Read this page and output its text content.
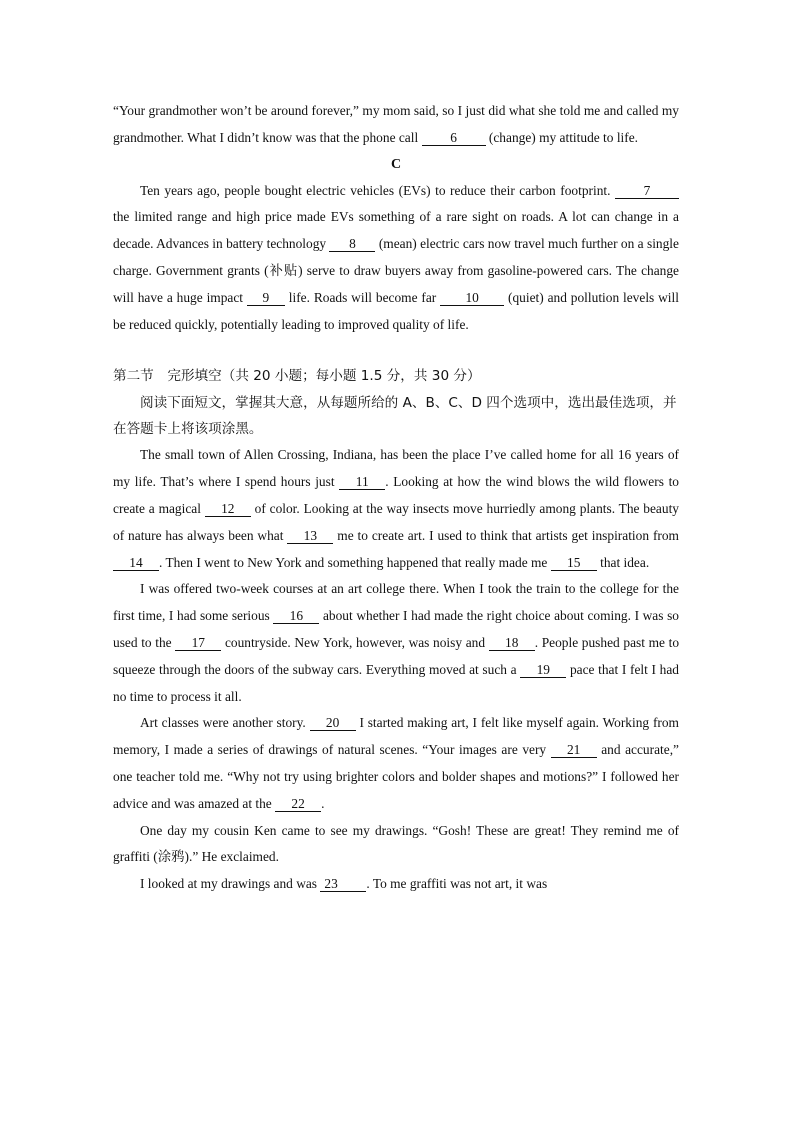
“Your grandmother won’t be around forever,” my mom said, so I just did what she told me and called my grandmother. What I didn’t know was that the phone call 6 (change) my attitude to life.

C

Ten years ago, people bought electric vehicles (EVs) to reduce their carbon footprint. 7 the limited range and high price made EVs something of a rare sight on roads. A lot can change in a decade. Advances in battery technology 8 (mean) electric cars now travel much further on a single charge. Government grants (补贴) serve to draw buyers away from gasoline-powered cars. The change will have a huge impact 9 life. Roads will become far 10 (quiet) and pollution levels will be reduced quickly, potentially leading to improved quality of life.

第二节　完形填空（共 20 小题；每小题 1.5 分，共 30 分）

阅读下面短文，掌握其大意，从每题所给的 A、B、C、D 四个选项中，选出最佳选项，并在答题卡上将该项涂黑。

The small town of Allen Crossing, Indiana, has been the place I’ve called home for all 16 years of my life. That’s where I spend hours just 11 . Looking at how the wind blows the wild flowers to create a magical 12 of color. Looking at the way insects move hurriedly among plants. The beauty of nature has always been what 13 me to create art. I used to think that artists get inspiration from 14 . Then I went to New York and something happened that really made me 15 that idea.

I was offered two-week courses at an art college there. When I took the train to the college for the first time, I had some serious 16 about whether I had made the right choice about coming. I was so used to the 17 countryside. New York, however, was noisy and 18 . People pushed past me to squeeze through the doors of the subway cars. Everything moved at such a 19 pace that I felt I had no time to process it all.

Art classes were another story. 20 I started making art, I felt like myself again. Working from memory, I made a series of drawings of natural scenes. “Your images are very 21 and accurate,” one teacher told me. “Why not try using brighter colors and bolder shapes and motions?” I followed her advice and was amazed at the 22 .

One day my cousin Ken came to see my drawings. “Gosh! These are great! They remind me of graffiti (涂鸦).” He exclaimed.

I looked at my drawings and was 23 . To me graffiti was not art, it was
